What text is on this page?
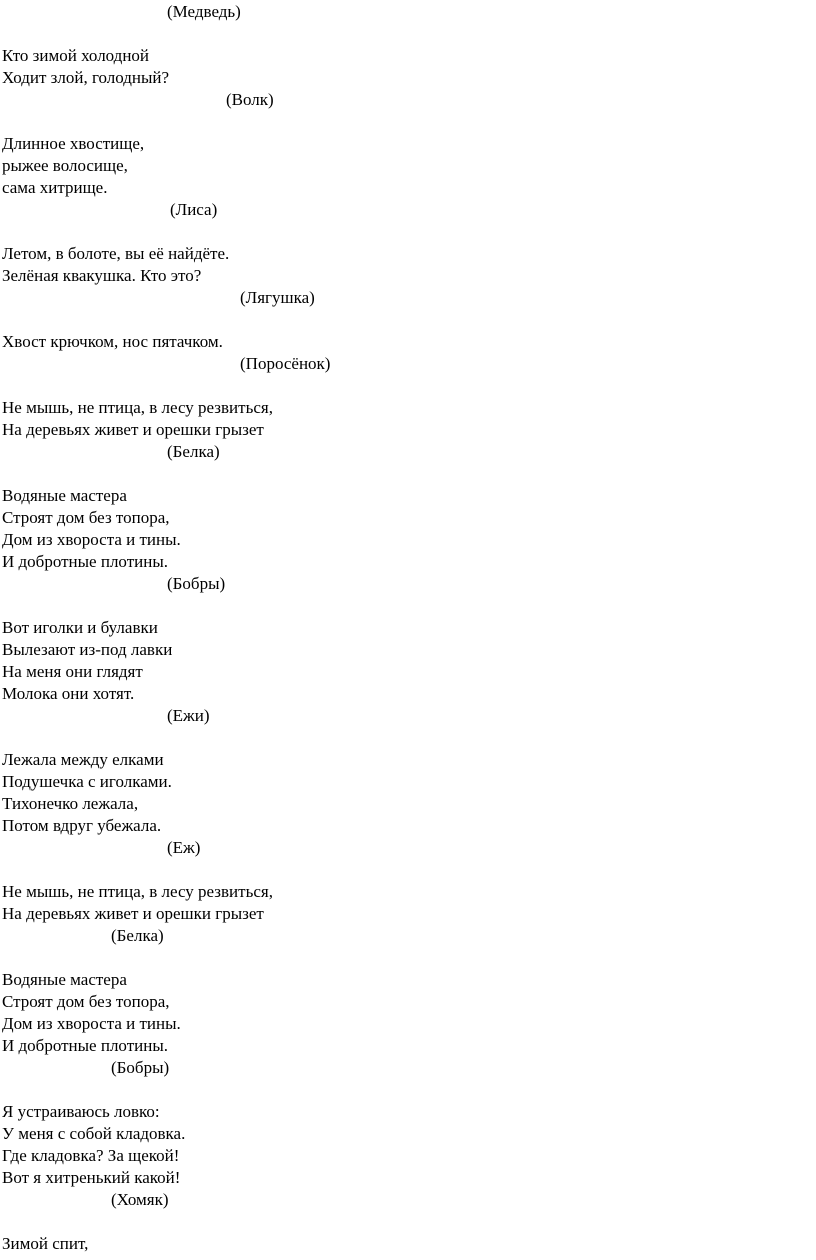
(Медведь)
Кто зимой холодной
Ходит злой, голодный?
(Волк)
Длинное хвостище,
рыжее волосище,
сама хитрище.
(Лиса)
Летом, в болоте, вы её найдёте.
Зелёная квакушка. Кто это?
(Лягушка)
Хвост крючком, нос пятачком.
(Поросёнок)
Не мышь, не птица, в лесу резвиться,
На деревьях живет и орешки грызет
(Белка)
Водяные мастера
Строят дом без топора,
Дом из хвороста и тины.
И добротные плотины.
(Бобры)
Вот иголки и булавки
Вылезают из-под лавки
На меня они глядят
Молока они хотят.
(Ежи)
Лежала между елками
Подушечка с иголками.
Тихонечко лежала,
Потом вдруг убежала.
(Еж)
Не мышь, не птица, в лесу резвиться,
На деревьях живет и орешки грызет
(Белка)
Водяные мастера
Строят дом без топора,
Дом из хвороста и тины.
И добротные плотины.
(Бобры)
Я устраиваюсь ловко:
У меня с собой кладовка.
Где кладовка? За щекой!
Вот я хитренький какой!
(Хомяк)
Зимой спит,
